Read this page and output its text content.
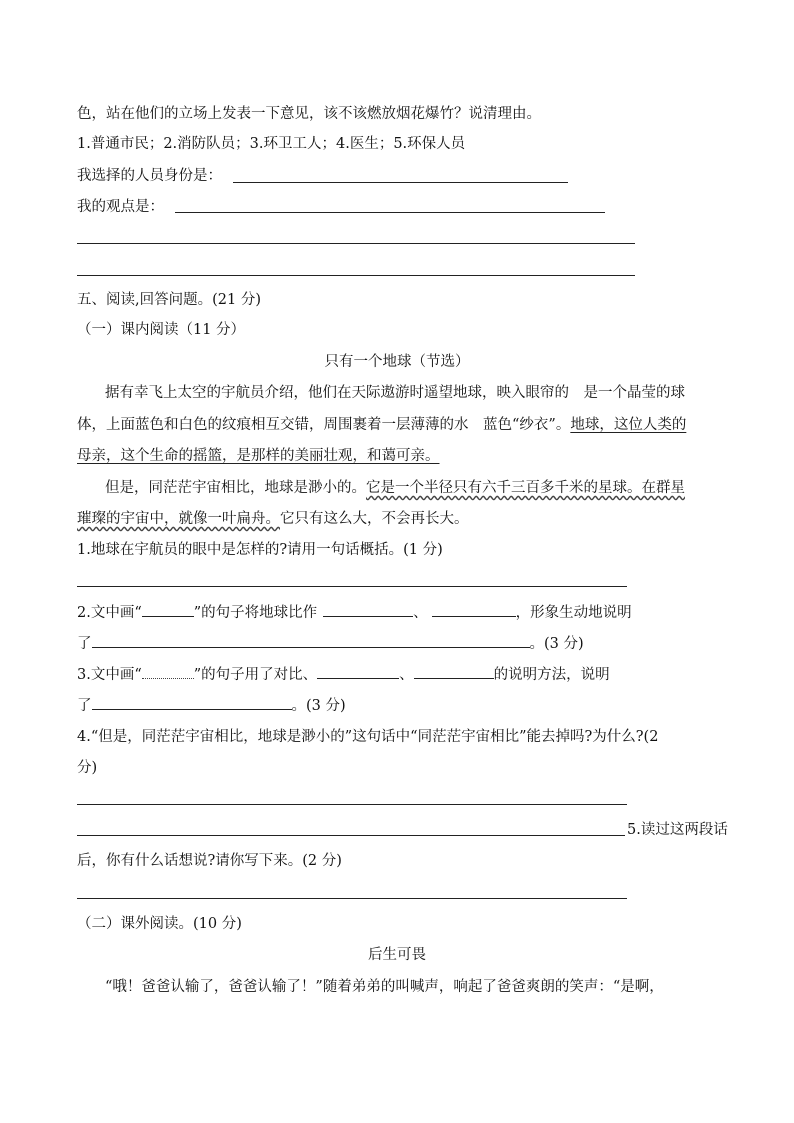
色，站在他们的立场上发表一下意见，该不该燃放烟花爆竹？说清理由。
1.普通市民；2.消防队员；3.环卫工人；4.医生；5.环保人员
我选择的人员身份是：
我的观点是：
五、阅读,回答问题。(21 分)
（一）课内阅读（11 分）
只有一个地球（节选）
据有幸飞上太空的宇航员介绍，他们在天际遨游时遥望地球，映入眼帘的　是一个晶莹的球
体，上面蓝色和白色的纹痕相互交错，周围裹着一层薄薄的水　蓝色“纱衣”。地球，这位人类的
母亲，这个生命的摇篮，是那样的美丽壮观，和蔼可亲。
但是，同茫茫宇宙相比，地球是渺小的。它是一个半径只有六千三百多千米的星球。在群星
璀璨的宇宙中，就像一叶扁舟。它只有这么大，不会再长大。
1.地球在宇航员的眼中是怎样的?请用一句话概括。(1 分)
2.文中画“	”的句子将地球比作	、	，形象生动地说明
了	。(3 分)
3.文中画“	”的句子用了对比、	、	的说明方法，说明
了	。(3 分)
4.“但是，同茫茫宇宙相比，地球是渺小的”这句话中“同茫茫宇宙相比”能去掉吗?为什么?(2
分)
5.读过这两段话
后，你有什么话想说?请你写下来。(2 分)
（二）课外阅读。(10 分)
后生可畏
“哦！爸爸认输了，爸爸认输了！”随着弟弟的叫喊声，响起了爸爸爽朗的笑声：“是啊，
